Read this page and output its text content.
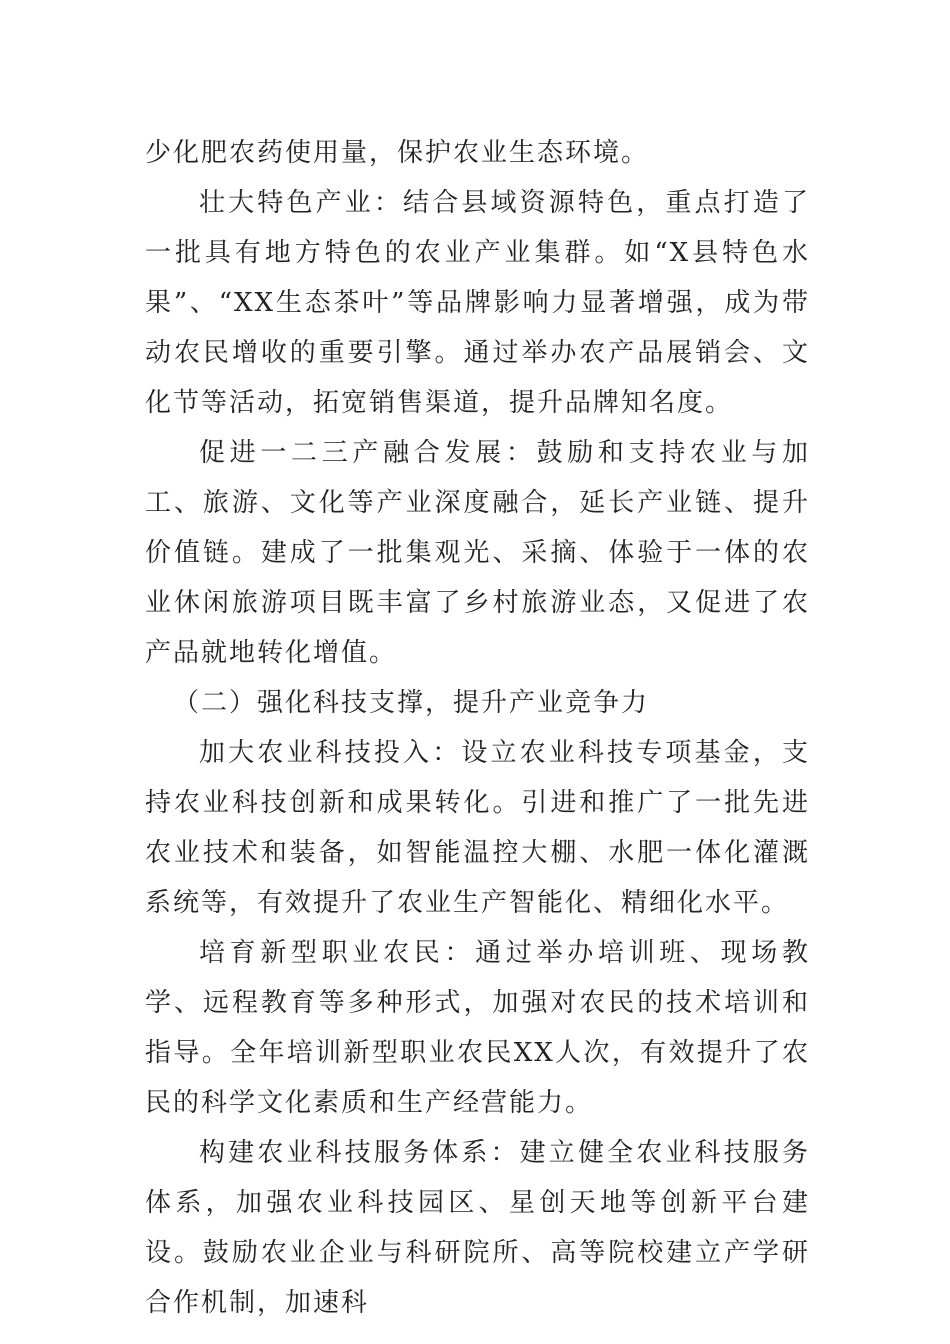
少化肥农药使用量，保护农业生态环境。

壮大特色产业：结合县域资源特色，重点打造了一批具有地方特色的农业产业集群。如“X县特色水果”、“XX生态茶叶”等品牌影响力显著增强，成为带动农民增收的重要引擎。通过举办农产品展销会、文化节等活动，拓宽销售渠道，提升品牌知名度。

促进一二三产融合发展：鼓励和支持农业与加工、旅游、文化等产业深度融合，延长产业链、提升价值链。建成了一批集观光、采摘、体验于一体的农业休闲旅游项目既丰富了乡村旅游业态，又促进了农产品就地转化增值。

（二）强化科技支撑，提升产业竞争力

加大农业科技投入：设立农业科技专项基金，支持农业科技创新和成果转化。引进和推广了一批先进农业技术和装备，如智能温控大棚、水肥一体化灌溉系统等，有效提升了农业生产智能化、精细化水平。

培育新型职业农民：通过举办培训班、现场教学、远程教育等多种形式，加强对农民的技术培训和指导。全年培训新型职业农民XX人次，有效提升了农民的科学文化素质和生产经营能力。

构建农业科技服务体系：建立健全农业科技服务体系，加强农业科技园区、星创天地等创新平台建设。鼓励农业企业与科研院所、高等院校建立产学研合作机制，加速科
